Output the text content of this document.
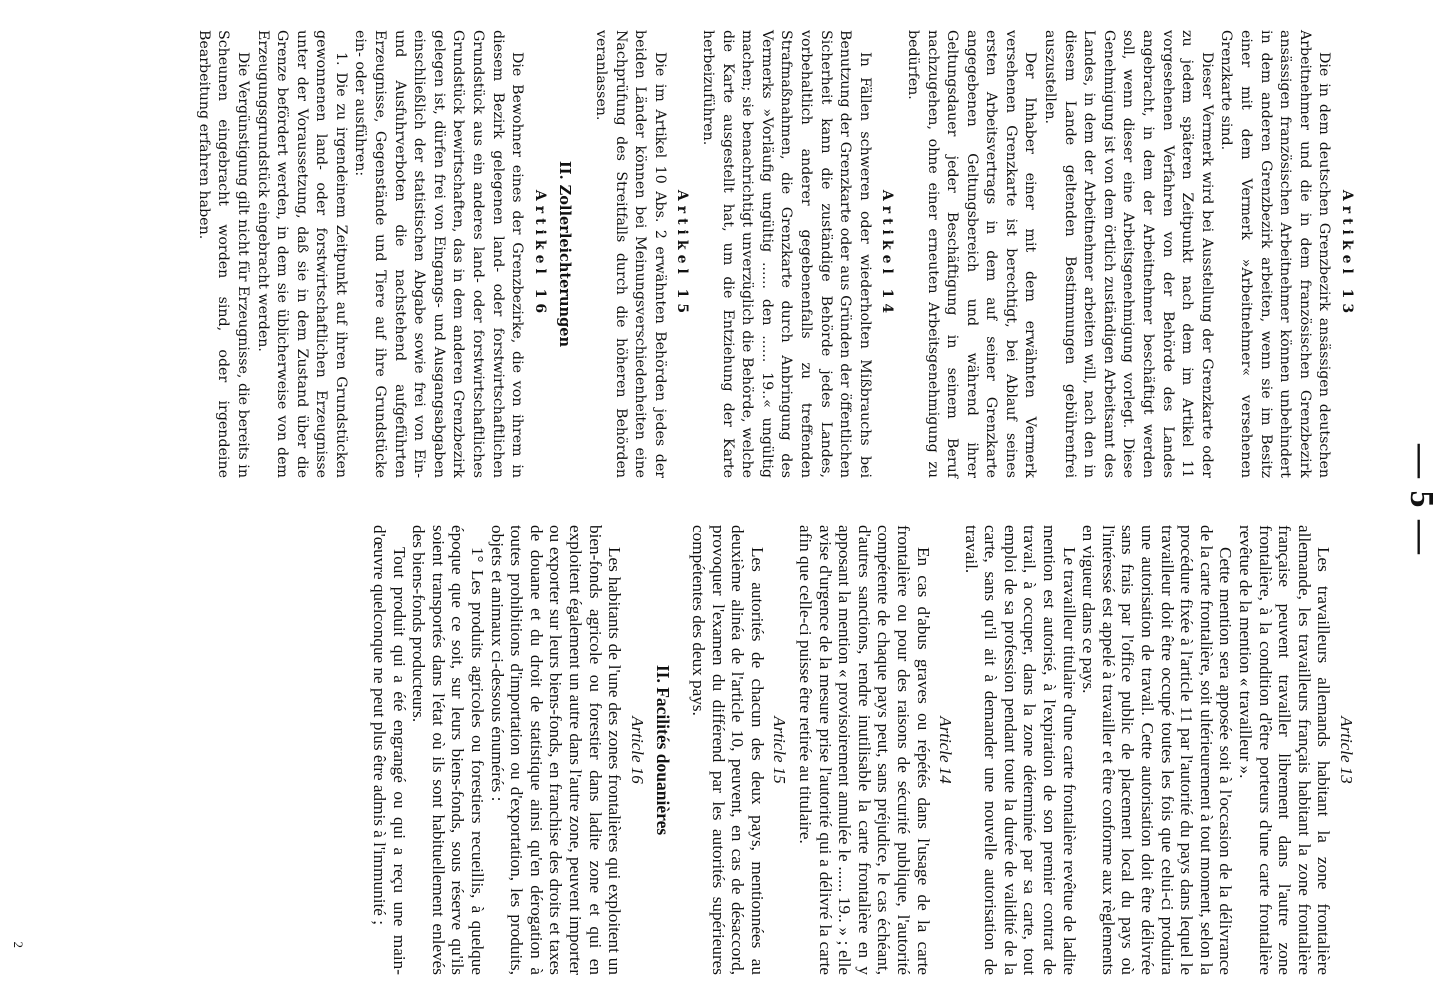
— 5 —
Artikel 13

Die in dem deutschen Grenzbezirk ansässigen deutschen Arbeitnehmer und die in dem französischen Grenzbezirk ansässigen französischen Arbeitnehmer können unbehindert in dem anderen Grenzbezirk arbeiten, wenn sie im Besitz einer mit dem Vermerk »Arbeitnehmer« versehenen Grenzkarte sind.

Dieser Vermerk wird bei Ausstellung der Grenzkarte oder zu jedem späteren Zeitpunkt nach dem im Artikel 11 vorgesehenen Verfahren von der Behörde des Landes angebracht, in dem der Arbeitnehmer beschäftigt werden soll, wenn dieser eine Arbeitsgenehmigung vorlegt. Diese Genehmigung ist von dem örtlich zuständigen Arbeitsamt des Landes, in dem der Arbeitnehmer arbeiten will, nach den in diesem Lande geltenden Bestimmungen gebührenfrei auszustellen.

Der Inhaber einer mit dem erwähnten Vermerk versehenen Grenzkarte ist berechtigt, bei Ablauf seines ersten Arbeitsvertrags in dem auf seiner Grenzkarte angegebenen Geltungsbereich und während ihrer Geltungsdauer jeder Beschäftigung in seinem Beruf nachzugehen, ohne einer erneuten Arbeitsgenehmigung zu bedürfen.

Artikel 14

In Fällen schweren oder wiederholten Mißbrauchs bei Benutzung der Grenzkarte oder aus Gründen der öffentlichen Sicherheit kann die zuständige Behörde jedes Landes, vorbehaltlich anderer gegebenenfalls zu treffenden Strafmaßnahmen, die Grenzkarte durch Anbringung des Vermerks »Vorläufig ungültig ...... den ...... 19..« ungültig machen; sie benachrichtigt unverzüglich die Behörde, welche die Karte ausgestellt hat, um die Entziehung der Karte herbeizuführen.

Artikel 15

Die im Artikel 10 Abs. 2 erwähnten Behörden jedes der beiden Länder können bei Meinungsverschiedenheiten eine Nachprüfung des Streitfalls durch die höheren Behörden veranlassen.

II. Zollerleichterungen
Artikel 16

Die Bewohner eines der Grenzbezirke, die von ihrem in diesem Bezirk gelegenen land- oder forstwirtschaftlichen Grundstück aus ein anderes land- oder forstwirtschaftliches Grundstück bewirtschaften, das in dem anderen Grenzbezirk gelegen ist, dürfen frei von Eingangs- und Ausgangsabgaben einschließlich der statistischen Abgabe sowie frei von Ein- und Ausfuhrverboten die nachstehend aufgeführten Erzeugnisse, Gegenstände und Tiere auf ihre Grundstücke ein- oder ausführen:

1. Die zu irgendeinem Zeitpunkt auf ihren Grundstücken gewonnenen land- oder forstwirtschaftlichen Erzeugnisse unter der Voraussetzung, daß sie in dem Zustand über die Grenze befördert werden, in dem sie üblicherweise von dem Erzeugungsgrundstück eingebracht werden.

Die Vergünstigung gilt nicht für Erzeugnisse, die bereits in Scheunen eingebracht worden sind, oder irgendeine Bearbeitung erfahren haben.

Article 13

Les travailleurs allemands habitant la zone frontalière allemande, les travailleurs français habitant la zone frontalière française peuvent travailler librement dans l'autre zone frontalière, à la condition d'être porteurs d'une carte frontalière revêtue de la mention « travailleur ».

Cette mention sera apposée soit à l'occasion de la délivrance de la carte frontalière, soit ultérieurement à tout moment, selon la procédure fixée à l'article 11 par l'autorité du pays dans lequel le travailleur doit être occupé toutes les fois que celui-ci produira une autorisation de travail. Cette autorisation doit être délivrée sans frais par l'office public de placement local du pays où l'intéressé est appelé à travailler et être conforme aux règlements en vigueur dans ce pays.

Le travailleur titulaire d'une carte frontalière revêtue de ladite mention est autorisé, à l'expiration de son premier contrat de travail, à occuper, dans la zone déterminée par sa carte, tout emploi de sa profession pendant toute la durée de validité de la carte, sans qu'il ait à demander une nouvelle autorisation de travail.

Article 14

En cas d'abus graves ou répétés dans l'usage de la carte frontalière ou pour des raisons de sécurité publique, l'autorité compétente de chaque pays peut, sans préjudice, le cas échéant, d'autres sanctions, rendre inutilisable la carte frontalière en y apposant la mention « provisoirement annulée le ...... 19.. » ; elle avise d'urgence de la mesure prise l'autorité qui a délivré la carte afin que celle-ci puisse être retirée au titulaire.

Article 15

Les autorités de chacun des deux pays, mentionnées au deuxième alinéa de l'article 10, peuvent, en cas de désaccord, provoquer l'examen du différend par les autorités supérieures compétentes des deux pays.

II. Facilités douanières
Article 16

Les habitants de l'une des zones frontalières qui exploitent un bien-fonds agricole ou forestier dans ladite zone et qui en exploitent également un autre dans l'autre zone, peuvent importer ou exporter sur leurs biens-fonds, en franchise des droits et taxes de douane et du droit de statistique ainsi qu'en dérogation à toutes prohibitions d'importation ou d'exportation, les produits, objets et animaux ci-dessous énumérés :

1° Les produits agricoles ou forestiers recueillis, à quelque époque que ce soit, sur leurs biens-fonds, sous réserve qu'ils soient transportés dans l'état où ils sont habituellement enlevés des biens-fonds producteurs.

Tout produit qui a été engrangé ou qui a reçu une main-d'œuvre quelconque ne peut plus être admis à l'immunité ;

2
